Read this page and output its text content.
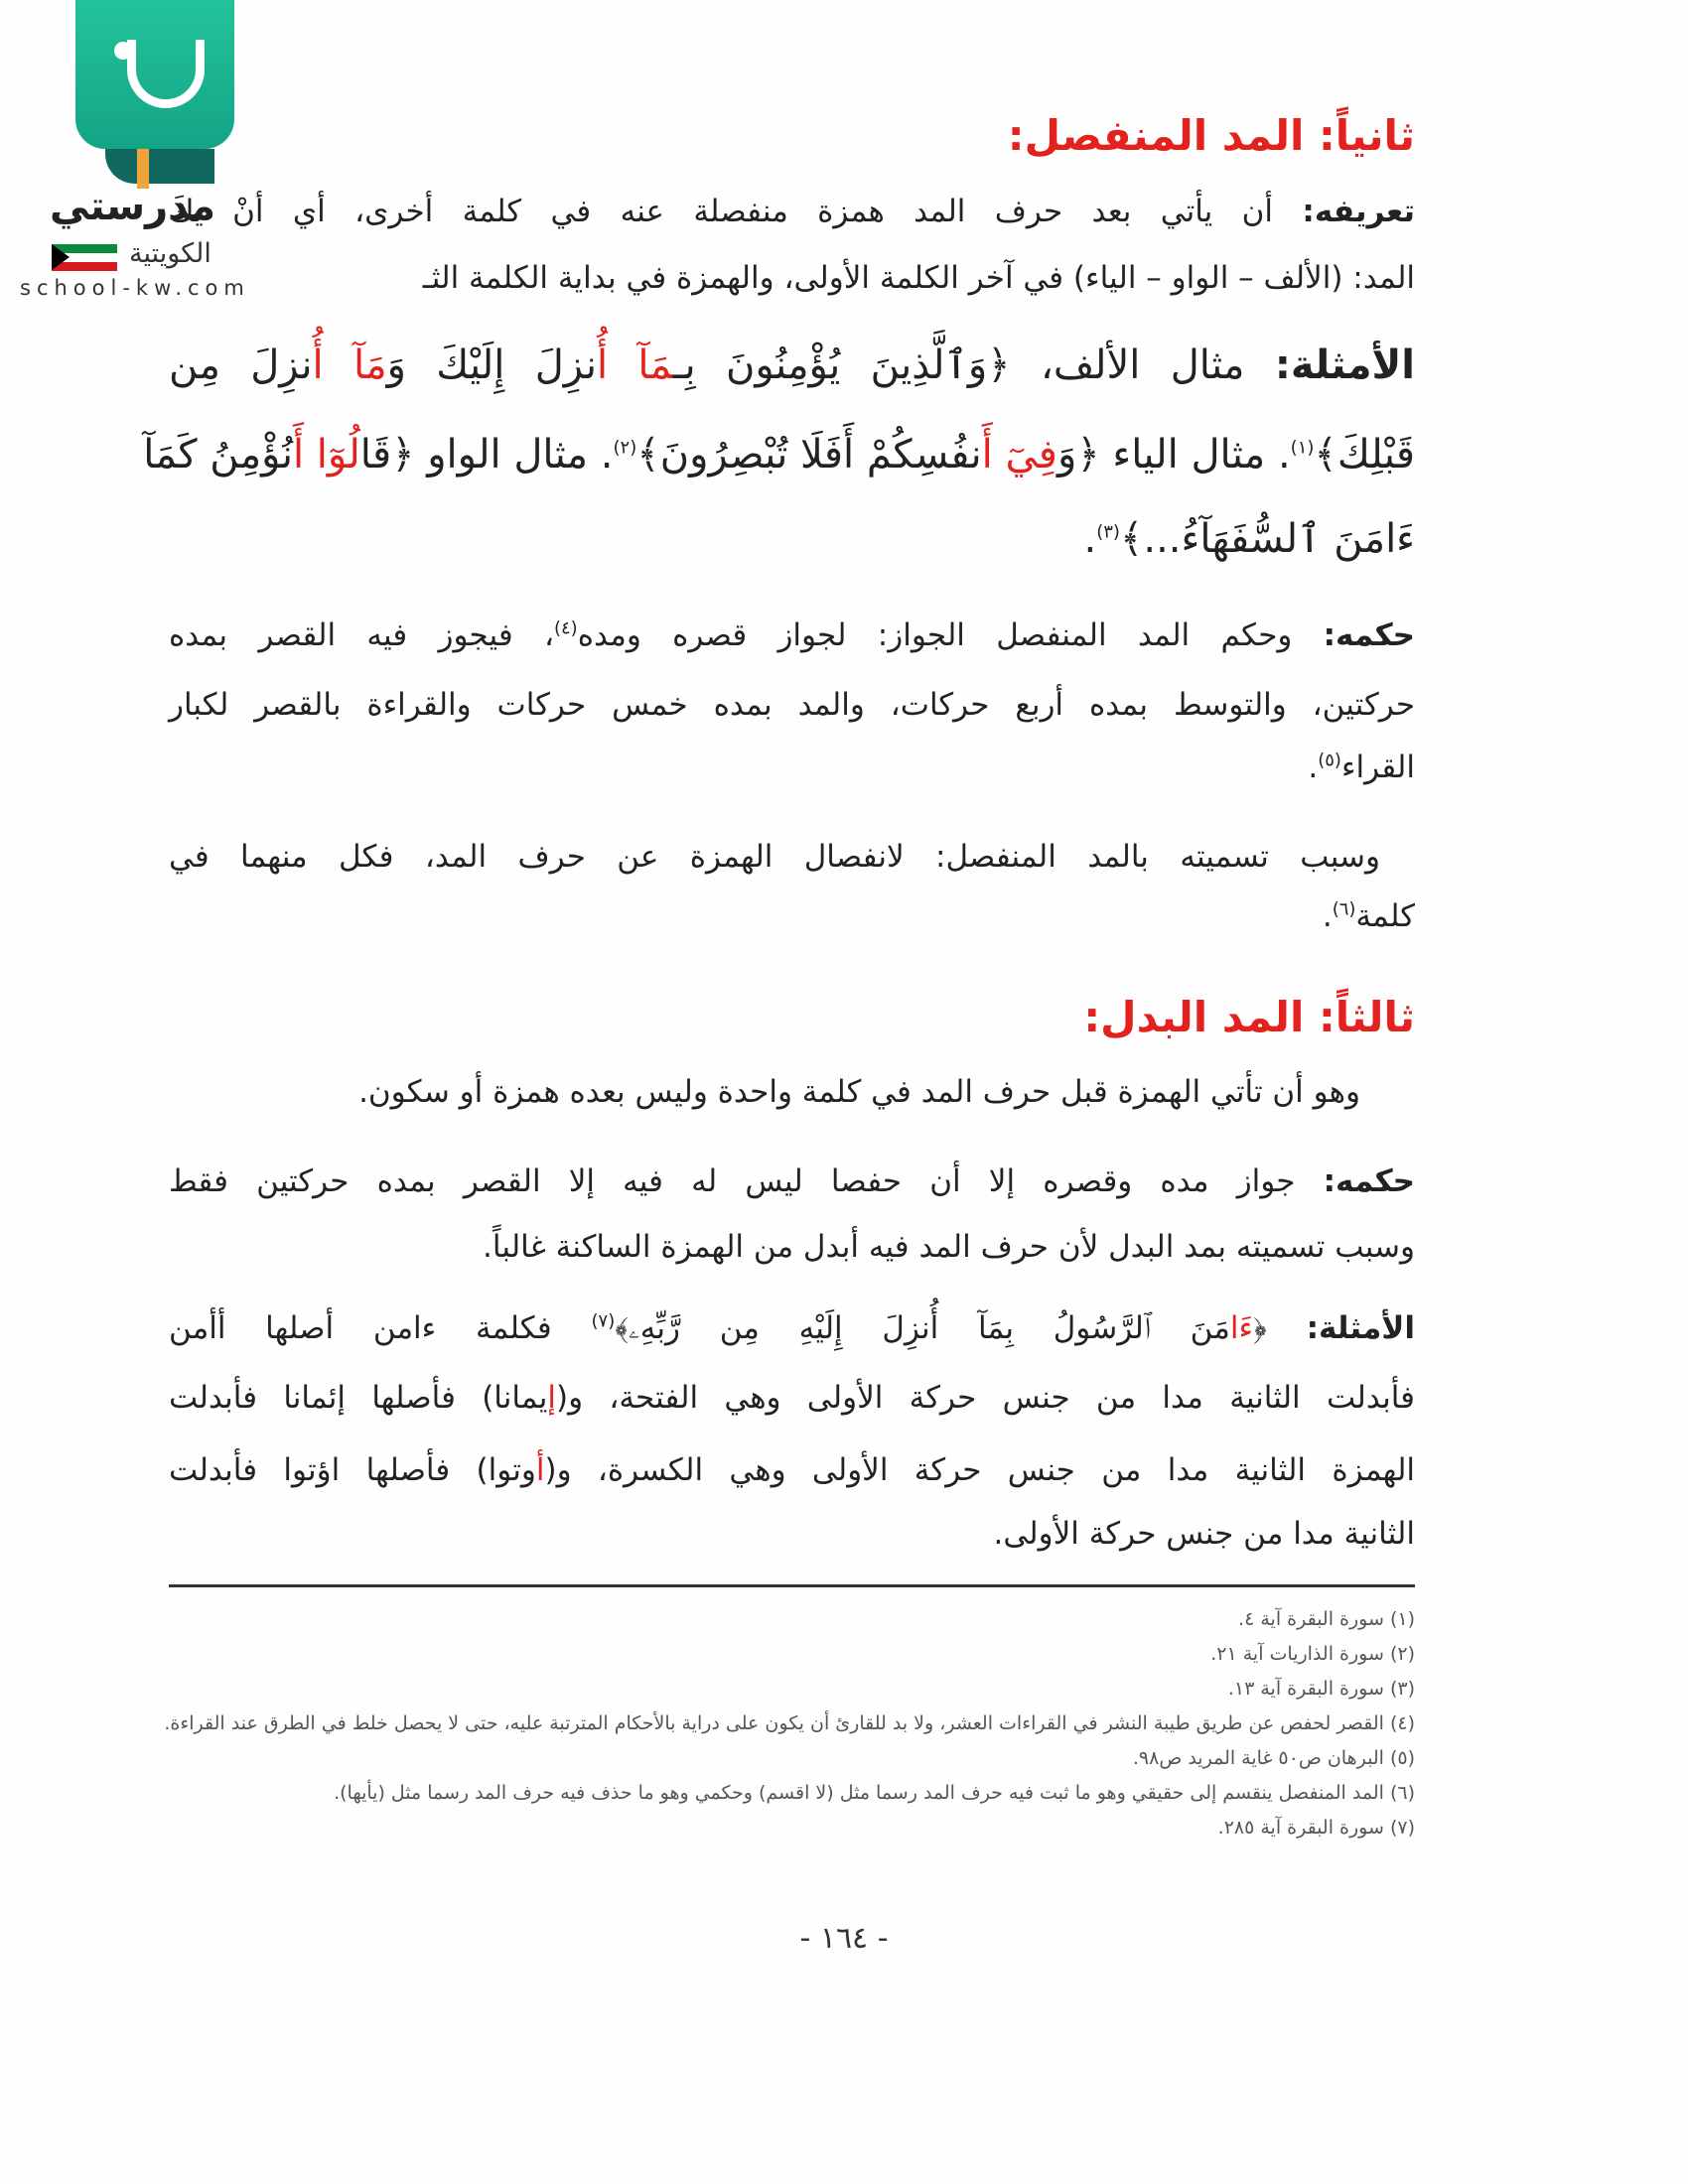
ثانياً: المد المنفصل:
ثالثاً: المد البدل:
تعريفه: أن يأتي بعد حرف المد همزة منفصلة عنه في كلمة أخرى، أي أنْ يكَ
المد: (الألف – الواو – الياء) في آخر الكلمة الأولى، والهمزة في بداية الكلمة الثـ
الأمثلة: مثال الألف، ﴿وَٱلَّذِينَ يُؤْمِنُونَ بِـمَآ أُنزِلَ إِلَيْكَ وَمَآ أُنزِلَ مِن
قَبْلِكَ﴾$^{(١)}$. مثال الياء ﴿وَفِيٓ أَنفُسِكُمْ أَفَلَا تُبْصِرُونَ﴾$^{(٢)}$. مثال الواو ﴿قَالُوٓا أَنُؤْمِنُ كَمَآ
ءَامَنَ ٱلسُّفَهَآءُ...﴾$^{(٣)}$.
حكمه: وحكم المد المنفصل الجواز: لجواز قصره ومده$^{(٤)}$، فيجوز فيه القصر بمده
حركتين، والتوسط بمده أربع حركات، والمد بمده خمس حركات والقراءة بالقصر لكبار
القراء$^{(٥)}$.
وسبب تسميته بالمد المنفصل: لانفصال الهمزة عن حرف المد، فكل منهما في
كلمة$^{(٦)}$.
وهو أن تأتي الهمزة قبل حرف المد في كلمة واحدة وليس بعده همزة أو سكون.
حكمه: جواز مده وقصره إلا أن حفصا ليس له فيه إلا القصر بمده حركتين فقط
وسبب تسميته بمد البدل لأن حرف المد فيه أبدل من الهمزة الساكنة غالباً.
الأمثلة: ﴿ءَامَنَ ٱلرَّسُولُ بِمَآ أُنزِلَ إِلَيْهِ مِن رَّبِّهِۦ﴾$^{(٧)}$ فكلمة ءامن أصلها أأمن
فأبدلت الثانية مدا من جنس حركة الأولى وهي الفتحة، و(إيمانا) فأصلها إئمانا فأبدلت
الهمزة الثانية مدا من جنس حركة الأولى وهي الكسرة، و(أوتوا) فأصلها اؤتوا فأبدلت
الثانية مدا من جنس حركة الأولى.
(١) سورة البقرة آية ٤.
(٢) سورة الذاريات آية ٢١.
(٣) سورة البقرة آية ١٣.
(٤) القصر لحفص عن طريق طيبة النشر في القراءات العشر، ولا بد للقارئ أن يكون على دراية بالأحكام المترتبة عليه، حتى لا يحصل خلط في الطرق عند القراءة.
(٥) البرهان ص٥٠ غاية المريد ص٩٨.
(٦) المد المنفصل ينقسم إلى حقيقي وهو ما ثبت فيه حرف المد رسما مثل (لا اقسم) وحكمي وهو ما حذف فيه حرف المد رسما مثل (يأيها).
(٧) سورة البقرة آية ٢٨٥.
- ١٦٤ -
مدرستي
الكويتية
school-kw.com
